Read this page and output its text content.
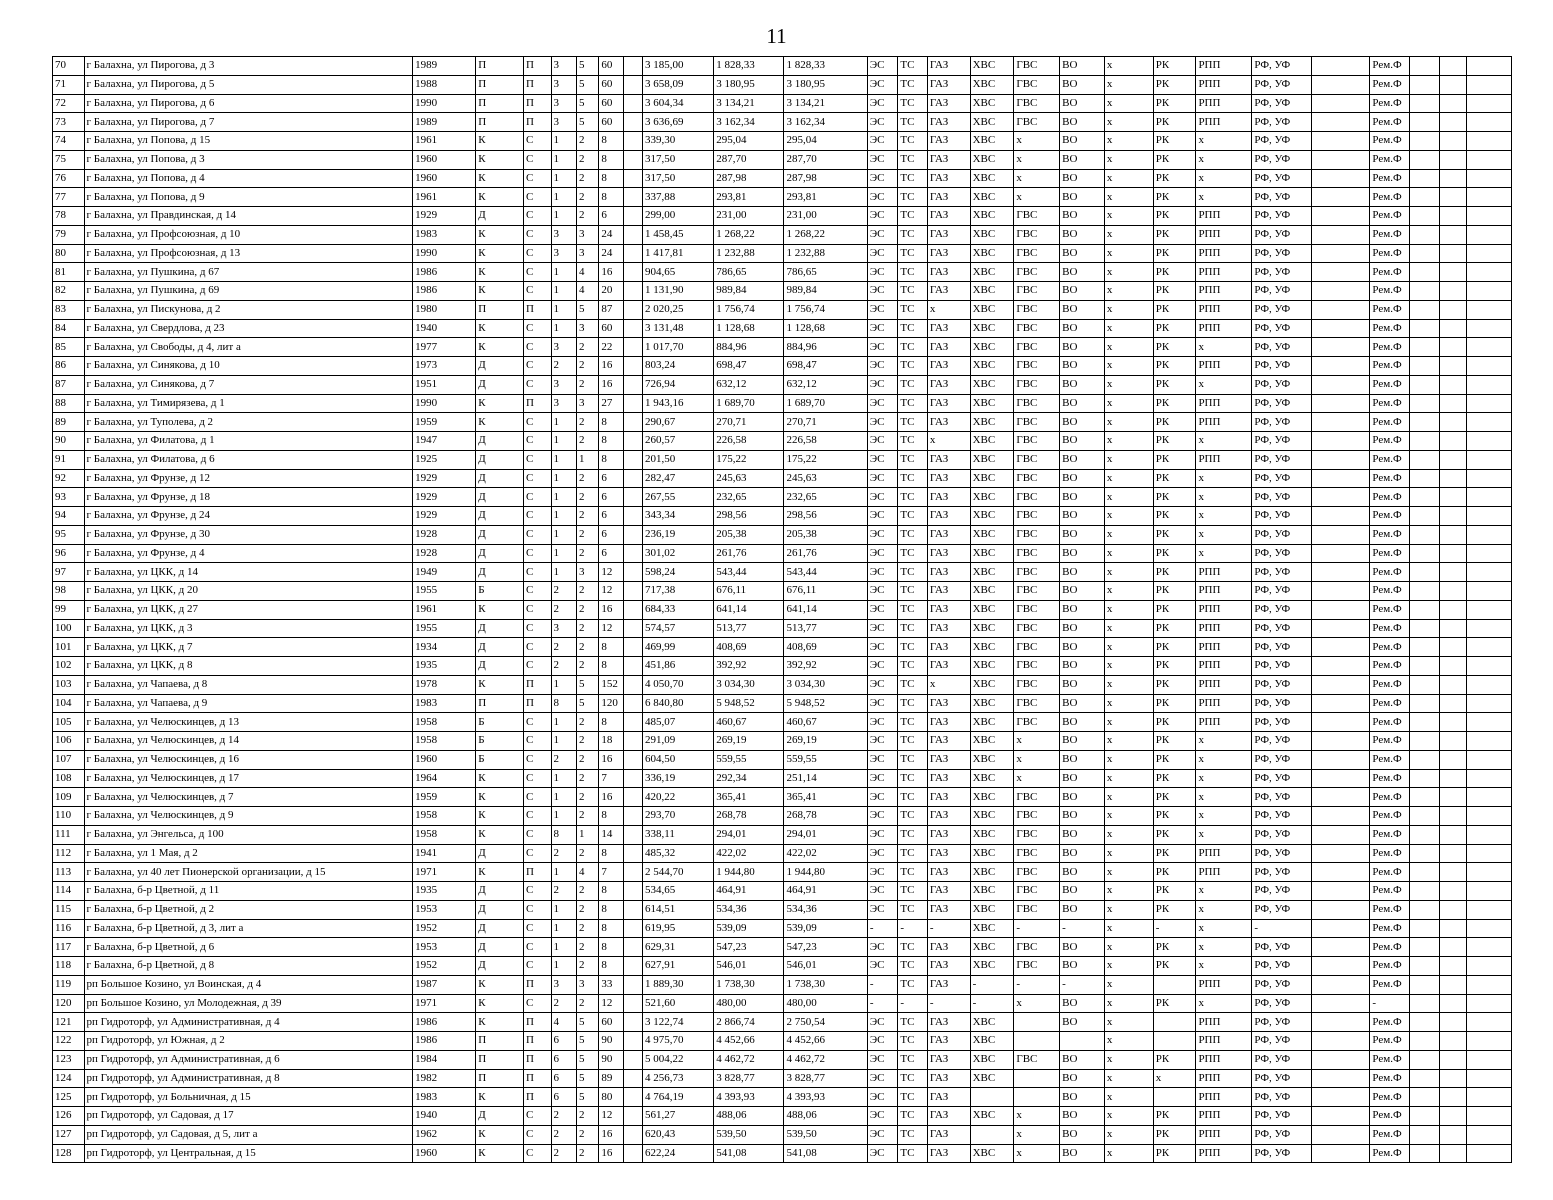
11
70	г Балахна, ул Пирогова, д 3	1989	П	П	3	5	60		3 185,00	1 828,33	1 828,33	ЭС	ТС	ГАЗ	ХВС	ГВС	ВО	х	РК	РПП	РФ, УФ		Рем.Ф			
71	г Балахна, ул Пирогова, д 5	1988	П	П	3	5	60		3 658,09	3 180,95	3 180,95	ЭС	ТС	ГАЗ	ХВС	ГВС	ВО	х	РК	РПП	РФ, УФ		Рем.Ф			
72	г Балахна, ул Пирогова, д 6	1990	П	П	3	5	60		3 604,34	3 134,21	3 134,21	ЭС	ТС	ГАЗ	ХВС	ГВС	ВО	х	РК	РПП	РФ, УФ		Рем.Ф			
73	г Балахна, ул Пирогова, д 7	1989	П	П	3	5	60		3 636,69	3 162,34	3 162,34	ЭС	ТС	ГАЗ	ХВС	ГВС	ВО	х	РК	РПП	РФ, УФ		Рем.Ф			
74	г Балахна, ул Попова, д 15	1961	К	С	1	2	8		339,30	295,04	295,04	ЭС	ТС	ГАЗ	ХВС	х	ВО	х	РК	х	РФ, УФ		Рем.Ф			
75	г Балахна, ул Попова, д 3	1960	К	С	1	2	8		317,50	287,70	287,70	ЭС	ТС	ГАЗ	ХВС	х	ВО	х	РК	х	РФ, УФ		Рем.Ф			
76	г Балахна, ул Попова, д 4	1960	К	С	1	2	8		317,50	287,98	287,98	ЭС	ТС	ГАЗ	ХВС	х	ВО	х	РК	х	РФ, УФ		Рем.Ф			
77	г Балахна, ул Попова, д 9	1961	К	С	1	2	8		337,88	293,81	293,81	ЭС	ТС	ГАЗ	ХВС	х	ВО	х	РК	х	РФ, УФ		Рем.Ф			
78	г Балахна, ул Правдинская, д 14	1929	Д	С	1	2	6		299,00	231,00	231,00	ЭС	ТС	ГАЗ	ХВС	ГВС	ВО	х	РК	РПП	РФ, УФ		Рем.Ф			
79	г Балахна, ул Профсоюзная, д 10	1983	К	С	3	3	24		1 458,45	1 268,22	1 268,22	ЭС	ТС	ГАЗ	ХВС	ГВС	ВО	х	РК	РПП	РФ, УФ		Рем.Ф			
80	г Балахна, ул Профсоюзная, д 13	1990	К	С	3	3	24		1 417,81	1 232,88	1 232,88	ЭС	ТС	ГАЗ	ХВС	ГВС	ВО	х	РК	РПП	РФ, УФ		Рем.Ф			
81	г Балахна, ул Пушкина, д 67	1986	К	С	1	4	16		904,65	786,65	786,65	ЭС	ТС	ГАЗ	ХВС	ГВС	ВО	х	РК	РПП	РФ, УФ		Рем.Ф			
82	г Балахна, ул Пушкина, д 69	1986	К	С	1	4	20		1 131,90	989,84	989,84	ЭС	ТС	ГАЗ	ХВС	ГВС	ВО	х	РК	РПП	РФ, УФ		Рем.Ф			
83	г Балахна, ул Пискунова, д 2	1980	П	П	1	5	87		2 020,25	1 756,74	1 756,74	ЭС	ТС	х	ХВС	ГВС	ВО	х	РК	РПП	РФ, УФ		Рем.Ф			
84	г Балахна, ул Свердлова, д 23	1940	К	С	1	3	60		3 131,48	1 128,68	1 128,68	ЭС	ТС	ГАЗ	ХВС	ГВС	ВО	х	РК	РПП	РФ, УФ		Рем.Ф			
85	г Балахна, ул Свободы, д 4, лит а	1977	К	С	3	2	22		1 017,70	884,96	884,96	ЭС	ТС	ГАЗ	ХВС	ГВС	ВО	х	РК	х	РФ, УФ		Рем.Ф			
86	г Балахна, ул Синякова, д 10	1973	Д	С	2	2	16		803,24	698,47	698,47	ЭС	ТС	ГАЗ	ХВС	ГВС	ВО	х	РК	РПП	РФ, УФ		Рем.Ф			
87	г Балахна, ул Синякова, д 7	1951	Д	С	3	2	16		726,94	632,12	632,12	ЭС	ТС	ГАЗ	ХВС	ГВС	ВО	х	РК	х	РФ, УФ		Рем.Ф			
88	г Балахна, ул Тимирязева, д 1	1990	К	П	3	3	27		1 943,16	1 689,70	1 689,70	ЭС	ТС	ГАЗ	ХВС	ГВС	ВО	х	РК	РПП	РФ, УФ		Рем.Ф			
89	г Балахна, ул Туполева, д 2	1959	К	С	1	2	8		290,67	270,71	270,71	ЭС	ТС	ГАЗ	ХВС	ГВС	ВО	х	РК	РПП	РФ, УФ		Рем.Ф			
90	г Балахна, ул Филатова, д 1	1947	Д	С	1	2	8		260,57	226,58	226,58	ЭС	ТС	х	ХВС	ГВС	ВО	х	РК	х	РФ, УФ		Рем.Ф			
91	г Балахна, ул Филатова, д 6	1925	Д	С	1	1	8		201,50	175,22	175,22	ЭС	ТС	ГАЗ	ХВС	ГВС	ВО	х	РК	РПП	РФ, УФ		Рем.Ф			
92	г Балахна, ул Фрунзе, д 12	1929	Д	С	1	2	6		282,47	245,63	245,63	ЭС	ТС	ГАЗ	ХВС	ГВС	ВО	х	РК	х	РФ, УФ		Рем.Ф			
93	г Балахна, ул Фрунзе, д 18	1929	Д	С	1	2	6		267,55	232,65	232,65	ЭС	ТС	ГАЗ	ХВС	ГВС	ВО	х	РК	х	РФ, УФ		Рем.Ф			
94	г Балахна, ул Фрунзе, д 24	1929	Д	С	1	2	6		343,34	298,56	298,56	ЭС	ТС	ГАЗ	ХВС	ГВС	ВО	х	РК	х	РФ, УФ		Рем.Ф			
95	г Балахна, ул Фрунзе, д 30	1928	Д	С	1	2	6		236,19	205,38	205,38	ЭС	ТС	ГАЗ	ХВС	ГВС	ВО	х	РК	х	РФ, УФ		Рем.Ф			
96	г Балахна, ул Фрунзе, д 4	1928	Д	С	1	2	6		301,02	261,76	261,76	ЭС	ТС	ГАЗ	ХВС	ГВС	ВО	х	РК	х	РФ, УФ		Рем.Ф			
97	г Балахна, ул ЦКК, д 14	1949	Д	С	1	3	12		598,24	543,44	543,44	ЭС	ТС	ГАЗ	ХВС	ГВС	ВО	х	РК	РПП	РФ, УФ		Рем.Ф			
98	г Балахна, ул ЦКК, д 20	1955	Б	С	2	2	12		717,38	676,11	676,11	ЭС	ТС	ГАЗ	ХВС	ГВС	ВО	х	РК	РПП	РФ, УФ		Рем.Ф			
99	г Балахна, ул ЦКК, д 27	1961	К	С	2	2	16		684,33	641,14	641,14	ЭС	ТС	ГАЗ	ХВС	ГВС	ВО	х	РК	РПП	РФ, УФ		Рем.Ф			
100	г Балахна, ул ЦКК, д 3	1955	Д	С	3	2	12		574,57	513,77	513,77	ЭС	ТС	ГАЗ	ХВС	ГВС	ВО	х	РК	РПП	РФ, УФ		Рем.Ф			
101	г Балахна, ул ЦКК, д 7	1934	Д	С	2	2	8		469,99	408,69	408,69	ЭС	ТС	ГАЗ	ХВС	ГВС	ВО	х	РК	РПП	РФ, УФ		Рем.Ф			
102	г Балахна, ул ЦКК, д 8	1935	Д	С	2	2	8		451,86	392,92	392,92	ЭС	ТС	ГАЗ	ХВС	ГВС	ВО	х	РК	РПП	РФ, УФ		Рем.Ф			
103	г Балахна, ул Чапаева, д 8	1978	К	П	1	5	152		4 050,70	3 034,30	3 034,30	ЭС	ТС	х	ХВС	ГВС	ВО	х	РК	РПП	РФ, УФ		Рем.Ф			
104	г Балахна, ул Чапаева, д 9	1983	П	П	8	5	120		6 840,80	5 948,52	5 948,52	ЭС	ТС	ГАЗ	ХВС	ГВС	ВО	х	РК	РПП	РФ, УФ		Рем.Ф			
105	г Балахна, ул Челюскинцев, д 13	1958	Б	С	1	2	8		485,07	460,67	460,67	ЭС	ТС	ГАЗ	ХВС	ГВС	ВО	х	РК	РПП	РФ, УФ		Рем.Ф			
106	г Балахна, ул Челюскинцев, д 14	1958	Б	С	1	2	18		291,09	269,19	269,19	ЭС	ТС	ГАЗ	ХВС	х	ВО	х	РК	х	РФ, УФ		Рем.Ф			
107	г Балахна, ул Челюскинцев, д 16	1960	Б	С	2	2	16		604,50	559,55	559,55	ЭС	ТС	ГАЗ	ХВС	х	ВО	х	РК	х	РФ, УФ		Рем.Ф			
108	г Балахна, ул Челюскинцев, д 17	1964	К	С	1	2	7		336,19	292,34	251,14	ЭС	ТС	ГАЗ	ХВС	х	ВО	х	РК	х	РФ, УФ		Рем.Ф			
109	г Балахна, ул Челюскинцев, д 7	1959	К	С	1	2	16		420,22	365,41	365,41	ЭС	ТС	ГАЗ	ХВС	ГВС	ВО	х	РК	х	РФ, УФ		Рем.Ф			
110	г Балахна, ул Челюскинцев, д 9	1958	К	С	1	2	8		293,70	268,78	268,78	ЭС	ТС	ГАЗ	ХВС	ГВС	ВО	х	РК	х	РФ, УФ		Рем.Ф			
111	г Балахна, ул Энгельса, д 100	1958	К	С	8	1	14		338,11	294,01	294,01	ЭС	ТС	ГАЗ	ХВС	ГВС	ВО	х	РК	х	РФ, УФ		Рем.Ф			
112	г Балахна, ул 1 Мая, д 2	1941	Д	С	2	2	8		485,32	422,02	422,02	ЭС	ТС	ГАЗ	ХВС	ГВС	ВО	х	РК	РПП	РФ, УФ		Рем.Ф			
113	г Балахна, ул 40 лет Пионерской организации, д 15	1971	К	П	1	4	7		2 544,70	1 944,80	1 944,80	ЭС	ТС	ГАЗ	ХВС	ГВС	ВО	х	РК	РПП	РФ, УФ		Рем.Ф			
114	г Балахна, б-р Цветной, д 11	1935	Д	С	2	2	8		534,65	464,91	464,91	ЭС	ТС	ГАЗ	ХВС	ГВС	ВО	х	РК	х	РФ, УФ		Рем.Ф			
115	г Балахна, б-р Цветной, д 2	1953	Д	С	1	2	8		614,51	534,36	534,36	ЭС	ТС	ГАЗ	ХВС	ГВС	ВО	х	РК	х	РФ, УФ		Рем.Ф			
116	г Балахна, б-р Цветной, д 3, лит а	1952	Д	С	1	2	8		619,95	539,09	539,09	-	-	-	ХВС	-	-	х	-	х	-		Рем.Ф			
117	г Балахна, б-р Цветной, д 6	1953	Д	С	1	2	8		629,31	547,23	547,23	ЭС	ТС	ГАЗ	ХВС	ГВС	ВО	х	РК	х	РФ, УФ		Рем.Ф			
118	г Балахна, б-р Цветной, д 8	1952	Д	С	1	2	8		627,91	546,01	546,01	ЭС	ТС	ГАЗ	ХВС	ГВС	ВО	х	РК	х	РФ, УФ		Рем.Ф			
119	рп Большое Козино, ул Воинская, д 4	1987	К	П	3	3	33		1 889,30	1 738,30	1 738,30	-	ТС	ГАЗ	-	-	-	х		РПП	РФ, УФ		Рем.Ф			
120	рп Большое Козино, ул Молодежная, д 39	1971	К	С	2	2	12		521,60	480,00	480,00	-	-	-	-	х	ВО	х	РК	х	РФ, УФ		-			
121	рп Гидроторф, ул Административная, д 4	1986	К	П	4	5	60		3 122,74	2 866,74	2 750,54	ЭС	ТС	ГАЗ	ХВС		ВО	х		РПП	РФ, УФ		Рем.Ф			
122	рп Гидроторф, ул Южная, д 2	1986	П	П	6	5	90		4 975,70	4 452,66	4 452,66	ЭС	ТС	ГАЗ	ХВС			х		РПП	РФ, УФ		Рем.Ф			
123	рп Гидроторф, ул Административная, д 6	1984	П	П	6	5	90		5 004,22	4 462,72	4 462,72	ЭС	ТС	ГАЗ	ХВС	ГВС	ВО	х	РК	РПП	РФ, УФ		Рем.Ф			
124	рп Гидроторф, ул Административная, д 8	1982	П	П	6	5	89		4 256,73	3 828,77	3 828,77	ЭС	ТС	ГАЗ	ХВС		ВО	х	х	РПП	РФ, УФ		Рем.Ф			
125	рп Гидроторф, ул Больничная, д 15	1983	К	П	6	5	80		4 764,19	4 393,93	4 393,93	ЭС	ТС	ГАЗ			ВО	х		РПП	РФ, УФ		Рем.Ф			
126	рп Гидроторф, ул Садовая, д 17	1940	Д	С	2	2	12		561,27	488,06	488,06	ЭС	ТС	ГАЗ	ХВС	х	ВО	х	РК	РПП	РФ, УФ		Рем.Ф			
127	рп Гидроторф, ул Садовая, д 5, лит а	1962	К	С	2	2	16		620,43	539,50	539,50	ЭС	ТС	ГАЗ		х	ВО	х	РК	РПП	РФ, УФ		Рем.Ф			
128	рп Гидроторф, ул Центральная, д 15	1960	К	С	2	2	16		622,24	541,08	541,08	ЭС	ТС	ГАЗ	ХВС	х	ВО	х	РК	РПП	РФ, УФ		Рем.Ф			
